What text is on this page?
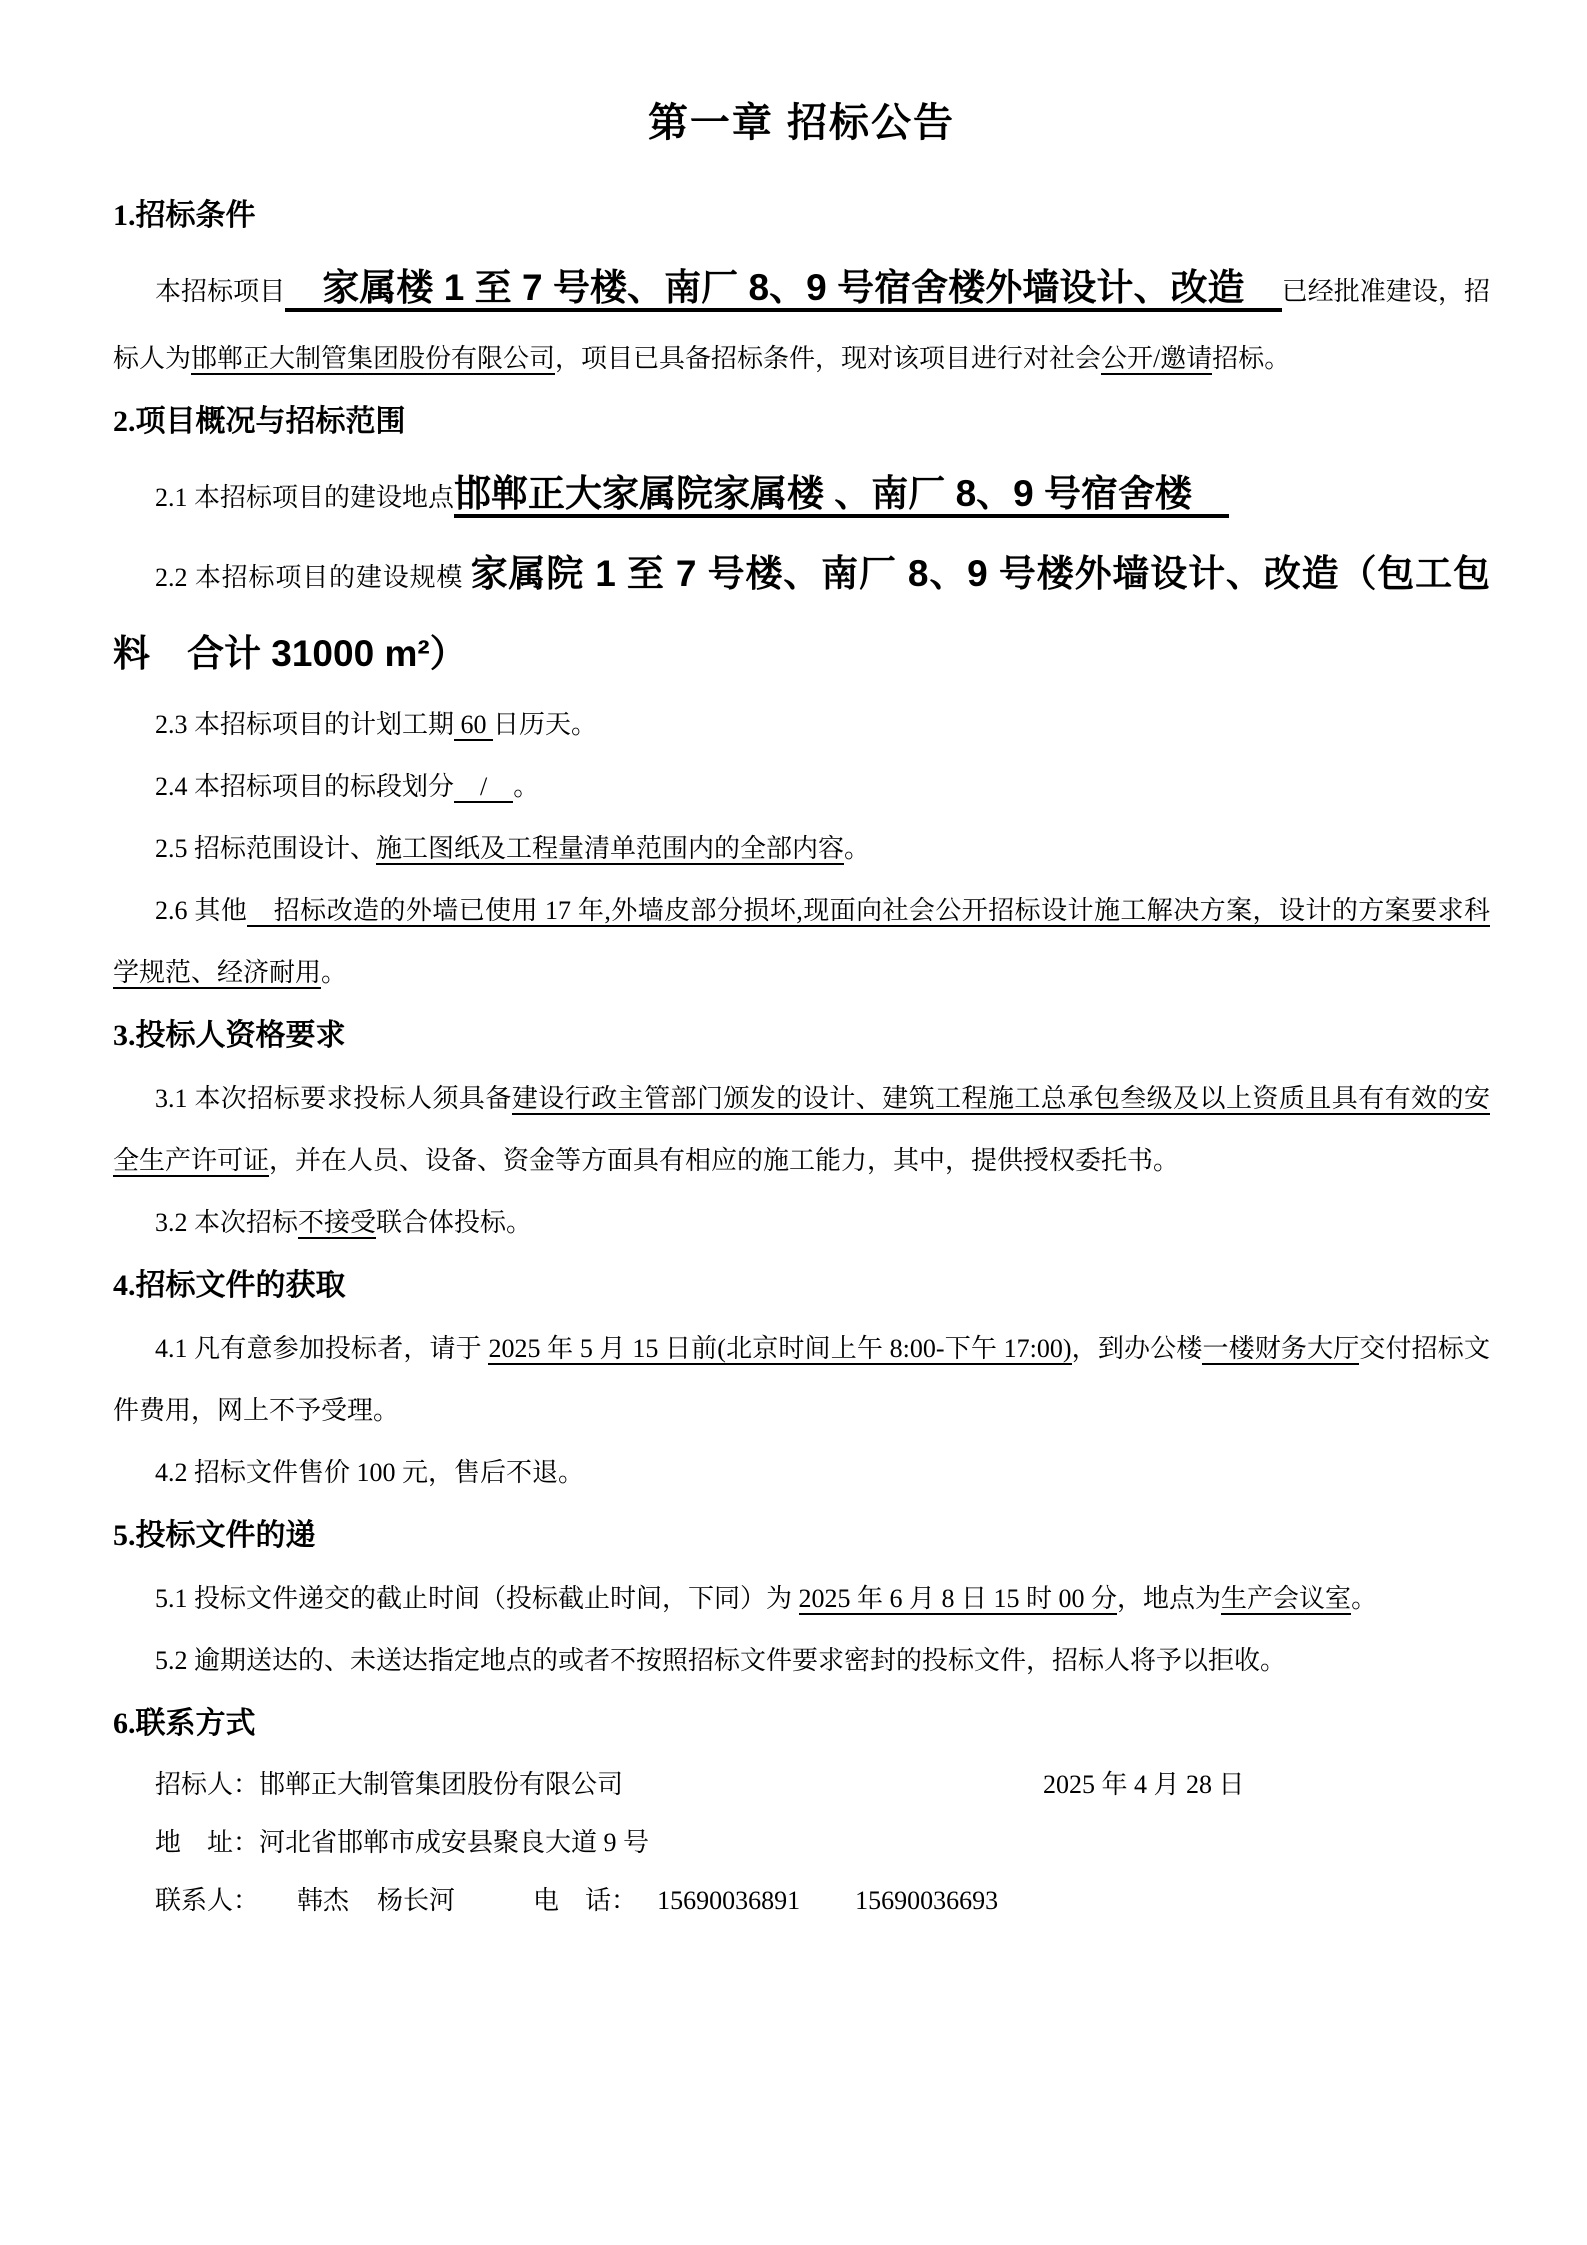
第一章 招标公告
1.招标条件

本招标项目　家属楼 1 至 7 号楼、南厂 8、9 号宿舍楼外墙设计、改造　已经批准建设，招标人为邯郸正大制管集团股份有限公司，项目已具备招标条件，现对该项目进行对社会公开/邀请招标。

2.项目概况与招标范围

2.1 本招标项目的建设地点邯郸正大家属院家属楼 、南厂 8、9 号宿舍楼　

2.2 本招标项目的建设规模 家属院 1 至 7 号楼、南厂 8、9 号楼外墙设计、改造（包工包料　合计 31000 m²）

2.3 本招标项目的计划工期 60 日历天。

2.4 本招标项目的标段划分　/　。

2.5 招标范围设计、施工图纸及工程量清单范围内的全部内容。

2.6 其他　招标改造的外墙已使用 17 年,外墙皮部分损坏,现面向社会公开招标设计施工解决方案，设计的方案要求科学规范、经济耐用。

3.投标人资格要求

3.1 本次招标要求投标人须具备建设行政主管部门颁发的设计、建筑工程施工总承包叁级及以上资质且具有有效的安全生产许可证，并在人员、设备、资金等方面具有相应的施工能力，其中，提供授权委托书。

3.2 本次招标不接受联合体投标。

4.招标文件的获取

4.1 凡有意参加投标者，请于 2025 年 5 月 15 日前(北京时间上午 8:00-下午 17:00)，到办公楼一楼财务大厅交付招标文件费用，网上不予受理。

4.2 招标文件售价 100 元，售后不退。

5.投标文件的递

5.1 投标文件递交的截止时间（投标截止时间，下同）为 2025 年 6 月 8 日 15 时 00 分，地点为生产会议室。

5.2 逾期送达的、未送达指定地点的或者不按照招标文件要求密封的投标文件，招标人将予以拒收。

6.联系方式

招标人：邯郸正大制管集团股份有限公司	2025 年 4 月 28 日

地　址：河北省邯郸市成安县聚良大道 9 号

联系人： 韩杰 杨长河	电　话： 15690036891 15690036693
